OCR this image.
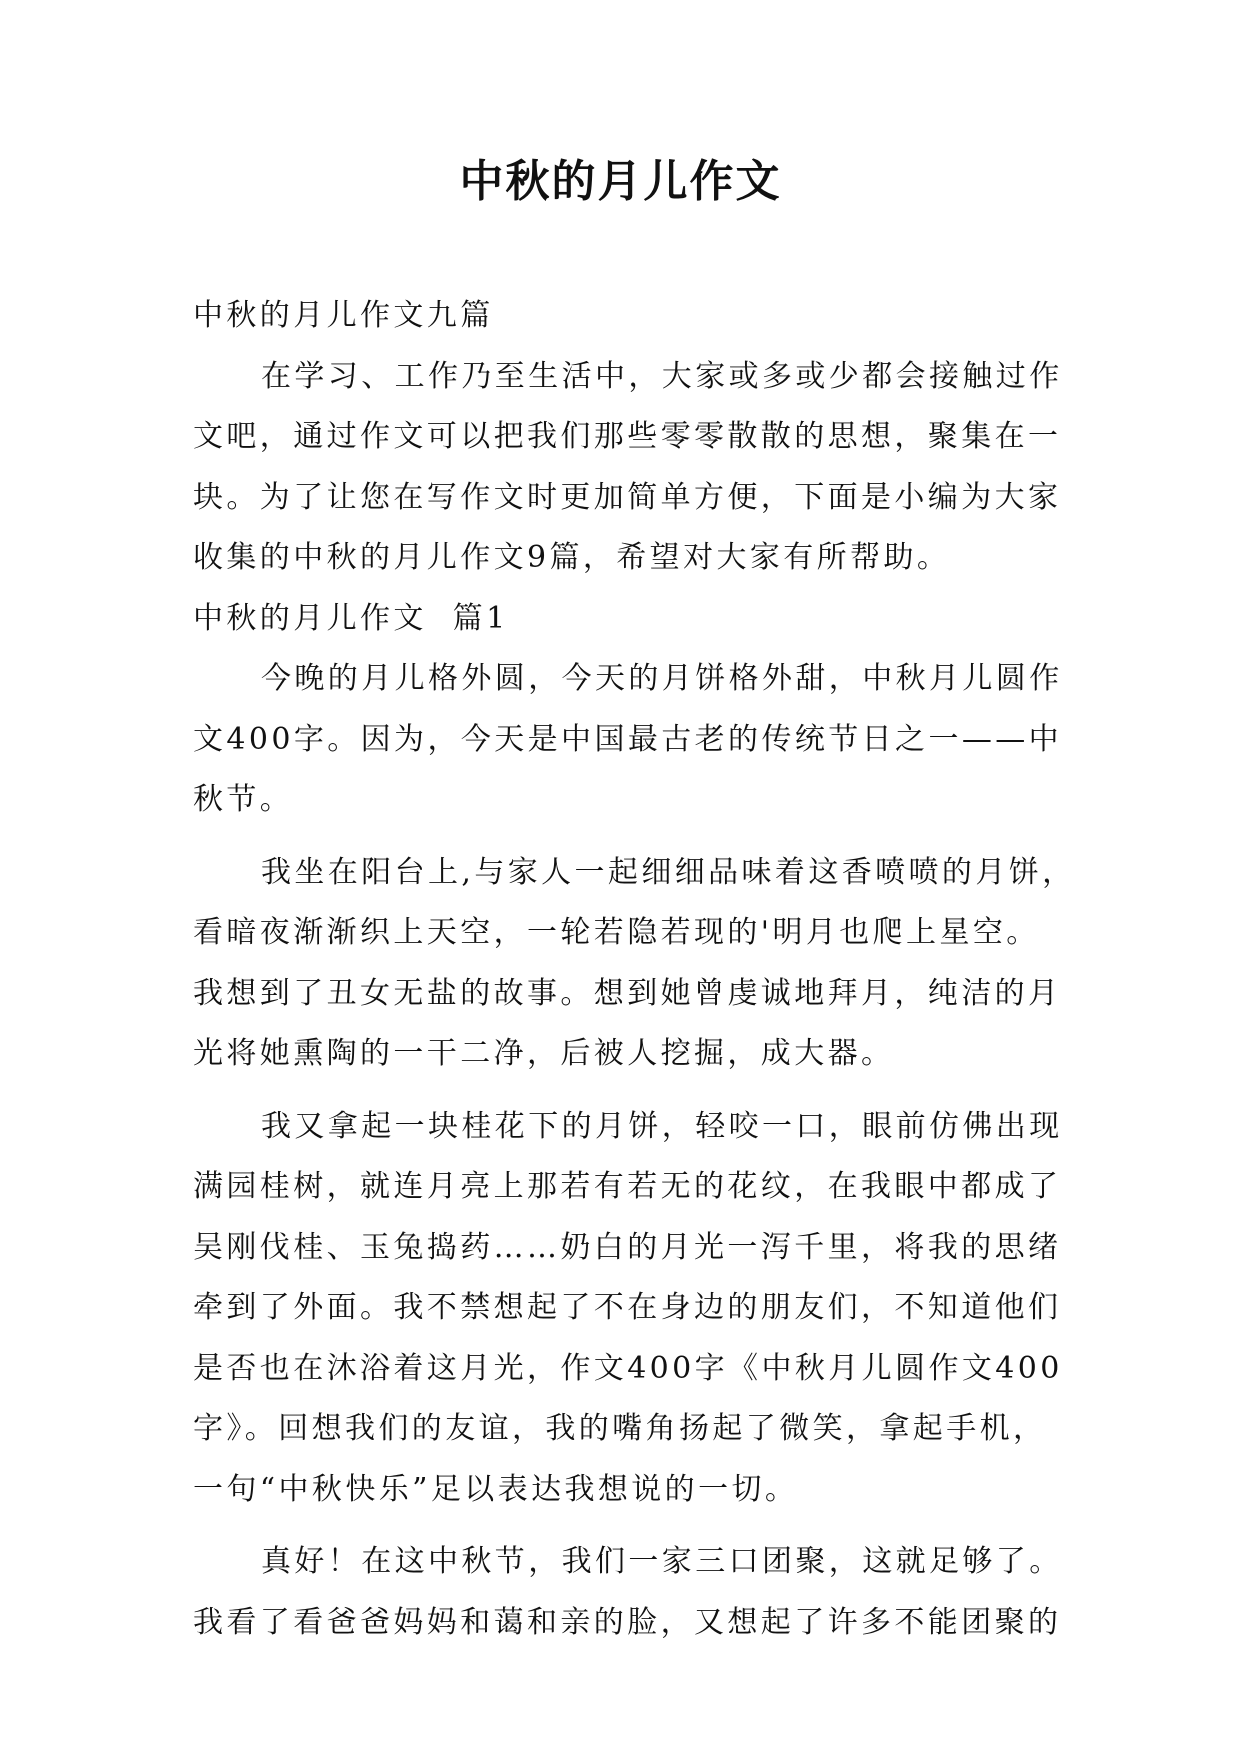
中秋的月儿作文
中秋的月儿作文九篇
在学习、工作乃至生活中，大家或多或少都会接触过作
文吧，通过作文可以把我们那些零零散散的思想，聚集在一
块。为了让您在写作文时更加简单方便，下面是小编为大家
收集的中秋的月儿作文9篇，希望对大家有所帮助。
中秋的月儿作文  篇1
今晚的月儿格外圆，今天的月饼格外甜，中秋月儿圆作
文400字。因为，今天是中国最古老的传统节日之一——中
秋节。
我坐在阳台上,与家人一起细细品味着这香喷喷的月饼，
看暗夜渐渐织上天空，一轮若隐若现的'明月也爬上星空。
我想到了丑女无盐的故事。想到她曾虔诚地拜月，纯洁的月
光将她熏陶的一干二净，后被人挖掘，成大器。
我又拿起一块桂花下的月饼，轻咬一口，眼前仿佛出现
满园桂树，就连月亮上那若有若无的花纹，在我眼中都成了
吴刚伐桂、玉兔捣药……奶白的月光一泻千里，将我的思绪
牵到了外面。我不禁想起了不在身边的朋友们，不知道他们
是否也在沐浴着这月光，作文400字《中秋月儿圆作文400
字》。回想我们的友谊，我的嘴角扬起了微笑，拿起手机，
一句“中秋快乐”足以表达我想说的一切。
真好！在这中秋节，我们一家三口团聚，这就足够了。
我看了看爸爸妈妈和蔼和亲的脸，又想起了许多不能团聚的
